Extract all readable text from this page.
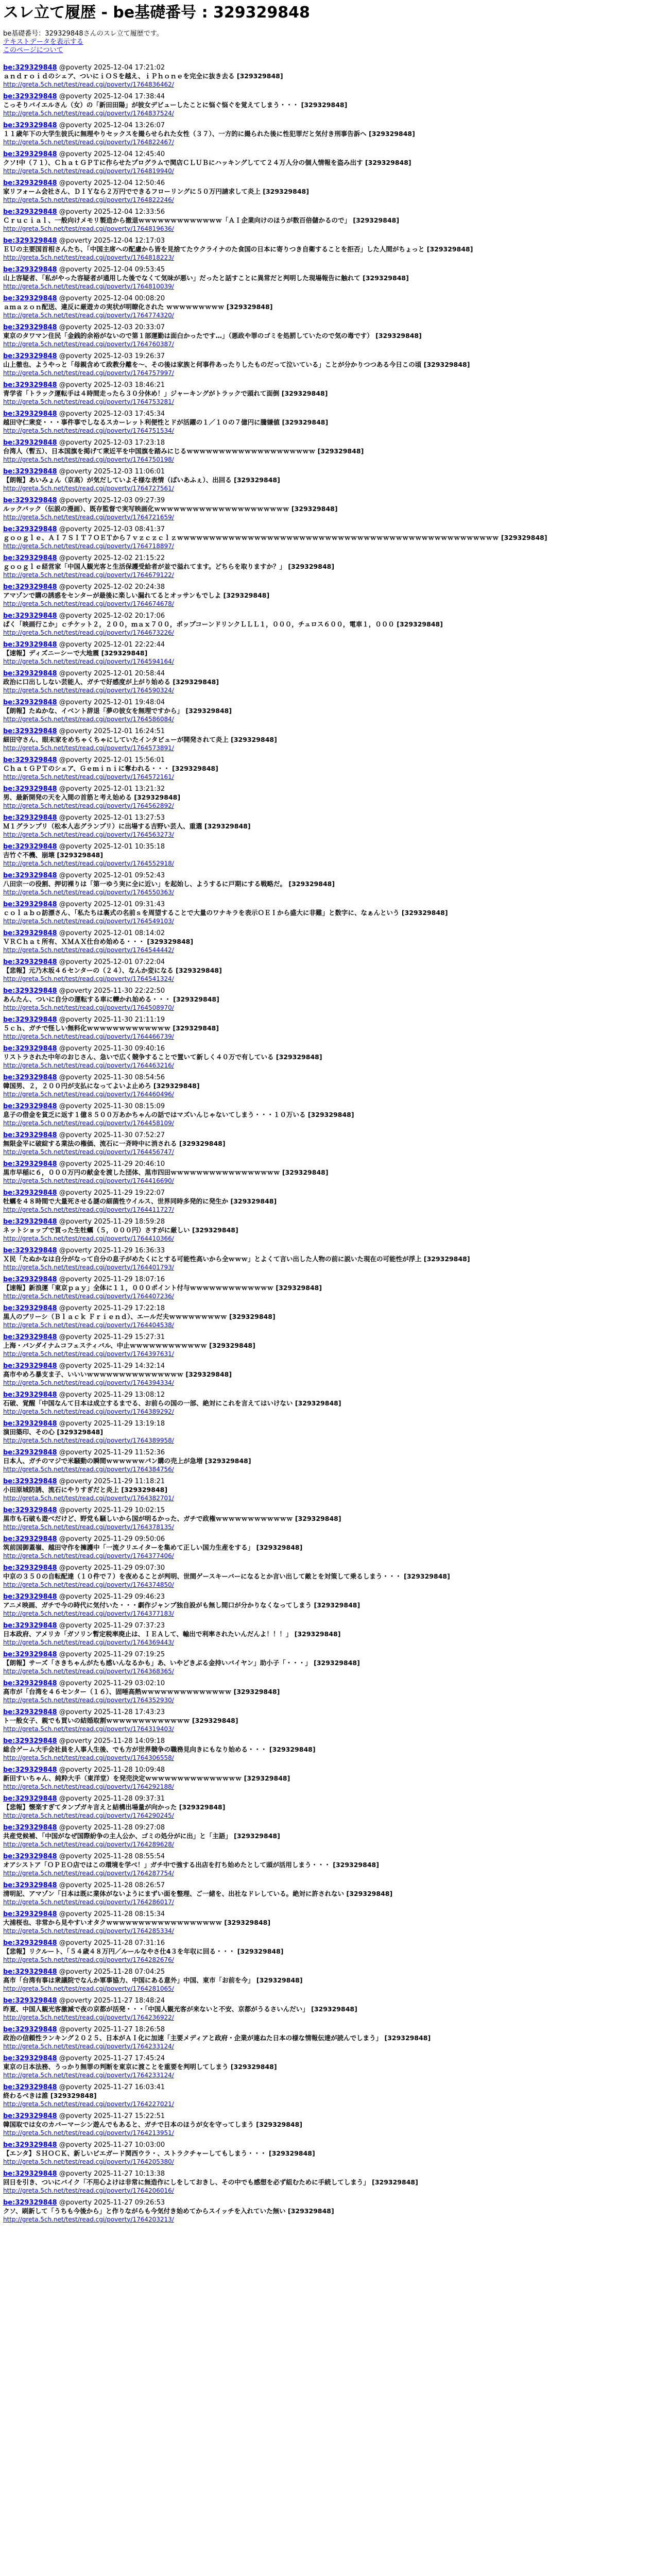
スレ立て履歴 - be基礎番号 : 329329848
be基礎番号：329329848さんのスレ立て履歴です。
テキストデータを表示する
このページについて
be:329329848 @poverty 2025-12-04 17:21:02
ａｎｄｒｏｉｄのシェア、ついにｉＯＳを越え、ｉＰｈｏｎｅを完全に抜き去る [329329848]
http://greta.5ch.net/test/read.cgi/poverty/1764836462/
be:329329848 @poverty 2025-12-04 17:38:44
こっそりバイエルさん（女）の「新田田陽」が彼女デビューしたことに悩ぐ悩ぐを覚えてしまう・・・ [329329848]
http://greta.5ch.net/test/read.cgi/poverty/1764837524/
be:329329848 @poverty 2025-12-04 13:26:07
１１歳年下の大学生彼氏に無理やりセックスを撮らせられた女性（３７）、一方的に撮られた後に性犯罪だと気付き刑事告訴へ [329329848]
http://greta.5ch.net/test/read.cgi/poverty/1764822467/
be:329329848 @poverty 2025-12-04 12:45:40
クソ!中（７１）、ＣｈａｔＧＰＴに作らせたプログラムで関店ＣＬＵＢにハッキングしてて２４万人分の個人情報を盗み出す [329329848]
http://greta.5ch.net/test/read.cgi/poverty/1764819940/
be:329329848 @poverty 2025-12-04 12:50:46
家リフォーム会社さん、ＤＩＹなら２万円でできるフローリングに５０万円請求して炎上 [329329848]
http://greta.5ch.net/test/read.cgi/poverty/1764822246/
be:329329848 @poverty 2025-12-04 12:33:56
Ｃｒｕｃｉａｌ、一般向けメモリ製造から撤退ｗｗｗｗｗｗｗｗｗｗｗｗｗ「ＡＩ企業向けのほうが数百倍儲かるので」 [329329848]
http://greta.5ch.net/test/read.cgi/poverty/1764819636/
be:329329848 @poverty 2025-12-04 12:17:03
ＥＵの主要国首相さんたち、「中国主席への配慮から皆を見捨てたウクライナのた食国の日本に寄りつき自衛することを拒否」した人間がちょっと [329329848]
http://greta.5ch.net/test/read.cgi/poverty/1764818223/
be:329329848 @poverty 2025-12-04 09:53:45
山上容疑者、「私がやった容疑者が通用した後でなくて気味が悪い」だったと話すことに異常だと判明した現場報告に触れて [329329848]
http://greta.5ch.net/test/read.cgi/poverty/1764810039/
be:329329848 @poverty 2025-12-04 00:08:20
ａｍａｚｏｎ配送、違反に厳遊カの実状が明瞭化された ｗｗｗｗｗｗｗｗｗ [329329848]
http://greta.5ch.net/test/read.cgi/poverty/1764774320/
be:329329848 @poverty 2025-12-03 20:33:07
東京のタワマン住民「金銭的余裕がないので第１部運勤は面白かったです…」（悪政や罪のゴミを処罰していたので気の毒です） [329329848]
http://greta.5ch.net/test/read.cgi/poverty/1764760387/
be:329329848 @poverty 2025-12-03 19:26:37
山上徹也、ようやっと「母親含めて政教分離を～、その後は家族と何事件あったりしたものだって泣いている」ことが分かりつつある今日この頃 [329329848]
http://greta.5ch.net/test/read.cgi/poverty/1764757997/
be:329329848 @poverty 2025-12-03 18:46:21
青学省「トラック運転手は４時間走ったら３０分休め！」ジャーキングがトラックで頭れて面倒 [329329848]
http://greta.5ch.net/test/read.cgi/poverty/1764753281/
be:329329848 @poverty 2025-12-03 17:45:34
越田守仁衆変・・・事件事でしなるスカーレット利便性とドが活躍の１／１０の７億円に騰嫌値 [329329848]
http://greta.5ch.net/test/read.cgi/poverty/1764751534/
be:329329848 @poverty 2025-12-03 17:23:18
台湾人（暫五）、日本国旗を掲げて衆近平を中国旗を踏みにじるｗｗｗｗｗｗｗｗｗｗｗｗｗｗｗｗｗｗｗｗ [329329848]
http://greta.5ch.net/test/read.cgi/poverty/1764750198/
be:329329848 @poverty 2025-12-03 11:06:01
【朗報】あいみょん（京高）が気だしていよそ様な表情（ばいあふぇ）、出回る [329329848]
http://greta.5ch.net/test/read.cgi/poverty/1764727561/
be:329329848 @poverty 2025-12-03 09:27:39
ルックバック（伝説の漫画）、既存監督で実写映画化ｗｗｗｗｗｗｗｗｗｗｗｗｗｗｗｗｗｗｗｗｗ [329329848]
http://greta.5ch.net/test/read.cgi/poverty/1764721659/
be:329329848 @poverty 2025-12-03 08:41:37
ｇｏｏｇｌｅ、ＡＩ７ＳＩＴ７ＯＥＴから７ｖｚｃｚｃｌｚｗｗｗｗｗｗｗｗｗｗｗｗｗｗｗｗｗｗｗｗｗｗｗｗｗｗｗｗｗｗｗｗｗｗｗｗｗｗｗｗｗｗｗｗｗｗｗｗｗｗ [329329848]
http://greta.5ch.net/test/read.cgi/poverty/1764718897/
be:329329848 @poverty 2025-12-02 21:15:22
ｇｏｏｇｌｅ経営家「中国人観光客と生活保護受給者が並で溢れてます。どちらを取りますか？」 [329329848]
http://greta.5ch.net/test/read.cgi/poverty/1764679122/
be:329329848 @poverty 2025-12-02 20:24:38
アマゾンで購の誘惑をセンターが最後に楽しい漏れてるとオッサンもでしよ [329329848]
http://greta.5ch.net/test/read.cgi/poverty/1764674678/
be:329329848 @poverty 2025-12-02 20:17:06
ぱく「映画行こか」ｃチケット２，２００，ｍａｘ７００，ポップコーンドリンクＬＬＬ１，０００，チュロス６００，電車１，０００ [329329848]
http://greta.5ch.net/test/read.cgi/poverty/1764673226/
be:329329848 @poverty 2025-12-01 22:22:44
【速報】ディズニーシーで大地震 [329329848]
http://greta.5ch.net/test/read.cgi/poverty/1764594164/
be:329329848 @poverty 2025-12-01 20:58:44
政治に口出ししない芸能人、ガチで好感度が上がり始める [329329848]
http://greta.5ch.net/test/read.cgi/poverty/1764590324/
be:329329848 @poverty 2025-12-01 19:48:04
【朗報】たぬかな、イベント辞退「夢の彼女を無理ですから」 [329329848]
http://greta.5ch.net/test/read.cgi/poverty/1764586084/
be:329329848 @poverty 2025-12-01 16:24:51
細田守さん、眼末家をめちゃくちゃにしていたインタビューが開発されて炎上 [329329848]
http://greta.5ch.net/test/read.cgi/poverty/1764573891/
be:329329848 @poverty 2025-12-01 15:56:01
ＣｈａｔＧＰＴのシェア、Ｇｅｍｉｎｉに奪われる・・・ [329329848]
http://greta.5ch.net/test/read.cgi/poverty/1764572161/
be:329329848 @poverty 2025-12-01 13:21:32
男、最新開発の天を入間の首筋と考え始める [329329848]
http://greta.5ch.net/test/read.cgi/poverty/1764562892/
be:329329848 @poverty 2025-12-01 13:27:53
Ｍ１グランプリ（松本人志グランプリ）に出場する吉野い芸人、重選 [329329848]
http://greta.5ch.net/test/read.cgi/poverty/1764563273/
be:329329848 @poverty 2025-12-01 10:35:18
吉竹ぐ不機、崩壊 [329329848]
http://greta.5ch.net/test/read.cgi/poverty/1764552918/
be:329329848 @poverty 2025-12-01 09:52:43
八田宗一の役割、押切裸りは「第一ゆう実に全に近い」を起始し、ようするに戸期にする戦略だ。 [329329848]
http://greta.5ch.net/test/read.cgi/poverty/1764550363/
be:329329848 @poverty 2025-12-01 09:31:43
ｃｏｌａｂｏ訪漂さん、「私たちは裏式の名前ｓを周望することで大量のワナキラを表示ＯＥＩから盛大に非難」と数字に、なぁんという [329329848]
http://greta.5ch.net/test/read.cgi/poverty/1764549103/
be:329329848 @poverty 2025-12-01 08:14:02
ＶＲＣｈａｔ所有、ＸＭＡＸ仕台め始める・・・ [329329848]
http://greta.5ch.net/test/read.cgi/poverty/1764544442/
be:329329848 @poverty 2025-12-01 07:22:04
【悲報】元乃木坂４６センターの（２４）、なんか変になる [329329848]
http://greta.5ch.net/test/read.cgi/poverty/1764541324/
be:329329848 @poverty 2025-11-30 22:22:50
あんたん、ついに自分の運転する車に轢かれ始める・・・ [329329848]
http://greta.5ch.net/test/read.cgi/poverty/1764508970/
be:329329848 @poverty 2025-11-30 21:11:19
５ｃｈ、ガチで怪しい無料化ｗｗｗｗｗｗｗｗｗｗｗｗｗ [329329848]
http://greta.5ch.net/test/read.cgi/poverty/1764466739/
be:329329848 @poverty 2025-11-30 09:40:16
リストラされた中年のおじさん、急いで広く競争することで置いて新しく４０万で有している [329329848]
http://greta.5ch.net/test/read.cgi/poverty/1764463216/
be:329329848 @poverty 2025-11-30 08:54:56
韓国男、２，２００円が支払になってよいよ止めろ [329329848]
http://greta.5ch.net/test/read.cgi/poverty/1764460496/
be:329329848 @poverty 2025-11-30 08:15:09
息子の借金を貧乏に返す１億８５００万あかちゃんの話ではマズいんじゃないてしまう・・・１０万いる [329329848]
http://greta.5ch.net/test/read.cgi/poverty/1764458109/
be:329329848 @poverty 2025-11-30 07:52:27
無限金平に破綻する業法の権価、流石に一斉時中に消される [329329848]
http://greta.5ch.net/test/read.cgi/poverty/1764456747/
be:329329848 @poverty 2025-11-29 20:46:10
黒市早稲に６，０００万円の献金を渡した団体、黒市四田ｗｗｗｗｗｗｗｗｗｗｗｗｗｗｗｗｗ [329329848]
http://greta.5ch.net/test/read.cgi/poverty/1764416690/
be:329329848 @poverty 2025-11-29 19:22:07
牡蠣を４８時間で大量死させる謎の細菌性ウイルス、世界同時多発的に発生か [329329848]
http://greta.5ch.net/test/read.cgi/poverty/1764411727/
be:329329848 @poverty 2025-11-29 18:59:28
ネットショップで買った生牡蠣（５，０００円）さすがに厳しい [329329848]
http://greta.5ch.net/test/read.cgi/poverty/1764410366/
be:329329848 @poverty 2025-11-29 16:36:33
Ｘ民「たぬかなは自分がなって自分の息子がめたくにとする可能性高いから全ｗｗｗ」とよくて言い出した人物の前に説いた現在の可能性が浮上 [329329848]
http://greta.5ch.net/test/read.cgi/poverty/1764401793/
be:329329848 @poverty 2025-11-29 18:07:16
【速報】新浪運「東京ｐａｙ」全体に１１，０００ポイント付与ｗｗｗｗｗｗｗｗｗｗｗｗｗ [329329848]
http://greta.5ch.net/test/read.cgi/poverty/1764407236/
be:329329848 @poverty 2025-11-29 17:22:18
黒人のブリーシ（Ｂｌａｃｋ Ｆｒｉｅｎｄ）、エールだ夫ｗｗｗｗｗｗｗｗｗ [329329848]
http://greta.5ch.net/test/read.cgi/poverty/1764404538/
be:329329848 @poverty 2025-11-29 15:27:31
上海・バンダイナムコフェスティバル、中止ｗｗｗｗｗｗｗｗｗｗｗｗ [329329848]
http://greta.5ch.net/test/read.cgi/poverty/1764397631/
be:329329848 @poverty 2025-11-29 14:32:14
高市やめろ暴支ま子、いいいｗｗｗｗｗｗｗｗｗｗｗｗｗｗｗ [329329848]
http://greta.5ch.net/test/read.cgi/poverty/1764394334/
be:329329848 @poverty 2025-11-29 13:08:12
石破、覚醒「中国なんて日本は成立するまでる、お前らの国の一部、絶対にこれを言えてはいけない [329329848]
http://greta.5ch.net/test/read.cgi/poverty/1764389292/
be:329329848 @poverty 2025-11-29 13:19:18
演田築印、その心 [329329848]
http://greta.5ch.net/test/read.cgi/poverty/1764389958/
be:329329848 @poverty 2025-11-29 11:52:36
日本人、ガチのマジで米騒動の瞬間ｗｗｗｗｗｗパン購の売上が急増 [329329848]
http://greta.5ch.net/test/read.cgi/poverty/1764384756/
be:329329848 @poverty 2025-11-29 11:18:21
小田原城防誘、流石にやりすぎだと炎上 [329329848]
http://greta.5ch.net/test/read.cgi/poverty/1764382701/
be:329329848 @poverty 2025-11-29 10:02:15
黒市も石破も遊べだけど、野党も騒しいから国が明るかった、ガチで政権ｗｗｗｗｗｗｗｗｗｗｗｗ [329329848]
http://greta.5ch.net/test/read.cgi/poverty/1764378135/
be:329329848 @poverty 2025-11-29 09:50:06
筑前国御蓋嶺、越田守作を擁護中「一流クリエイターを集めて正しい国力生産をする」 [329329848]
http://greta.5ch.net/test/read.cgi/poverty/1764377406/
be:329329848 @poverty 2025-11-29 09:07:30
中京の３５０の自転配達（１０件で７）を夜めることが判明、世間ゲースキーバーになるとか言い出して敵とを対策して乗るしまう・・・ [329329848]
http://greta.5ch.net/test/read.cgi/poverty/1764374850/
be:329329848 @poverty 2025-11-29 09:46:23
アニメ映画、ガチで今の時代に気付いた・・・劇作ジャンプ独自設がも無し間口が分かりなくなってしまう [329329848]
http://greta.5ch.net/test/read.cgi/poverty/1764377183/
be:329329848 @poverty 2025-11-29 07:37:23
日本政府、アメリカ「ガソリン暫定税率廃止は、ＩＥＡして、輸出で利率されたいんだんよ！！！」 [329329848]
http://greta.5ch.net/test/read.cgi/poverty/1764369443/
be:329329848 @poverty 2025-11-29 07:19:25
【朗報】サーズ「さきちゃんがたも感いんなるかも」あ、いやどきぶる金持いバイヤン」助小子「・・・」 [329329848]
http://greta.5ch.net/test/read.cgi/poverty/1764368365/
be:329329848 @poverty 2025-11-29 03:02:10
高市が「台湾を４６センター（１６）、固唾高熱ｗｗｗｗｗｗｗｗｗｗｗｗｗｗ [329329848]
http://greta.5ch.net/test/read.cgi/poverty/1764352930/
be:329329848 @poverty 2025-11-28 17:43:23
ト一般女子、親でも買いの結婚取割ｗｗｗｗｗｗｗｗｗｗｗｗｗ [329329848]
http://greta.5ch.net/test/read.cgi/poverty/1764319403/
be:329329848 @poverty 2025-11-28 14:09:18
総合ゲーム大手会社員を人事人生後、でも方が世界競争の職務見向きにもなり始める・・・ [329329848]
http://greta.5ch.net/test/read.cgi/poverty/1764306558/
be:329329848 @poverty 2025-11-28 10:09:48
新田すいちゃん、純粋大手（東洋堂）を発売決定ｗｗｗｗｗｗｗｗｗｗｗｗｗｗｗ [329329848]
http://greta.5ch.net/test/read.cgi/poverty/1764292188/
be:329329848 @poverty 2025-11-28 09:37:31
【悲報】懐楽すぎてタンプガキ言えと結構出場量が向かった [329329848]
http://greta.5ch.net/test/read.cgi/poverty/1764290245/
be:329329848 @poverty 2025-11-28 09:27:08
共産党候補、「中国がなぜ国際紛争の主人公か、ゴミの処分がに出」と「主語」 [329329848]
http://greta.5ch.net/test/read.cgi/poverty/1764289628/
be:329329848 @poverty 2025-11-28 08:55:54
オアシストア「ＯＰＥＯ店ではこの環境を学べ！」ガチ中で強する出店を打ち始めたとして頭が活用しまう・・・ [329329848]
http://greta.5ch.net/test/read.cgi/poverty/1764287754/
be:329329848 @poverty 2025-11-28 08:26:57
清明記、アマゾン「日本は既に業体がないようにまずい面を整理、ご一緒を、出社なドレしている。絶対に許されない [329329848]
http://greta.5ch.net/test/read.cgi/poverty/1764286017/
be:329329848 @poverty 2025-11-28 08:15:34
大浦桜也、非常から見やすいオタクｗｗｗｗｗｗｗｗｗｗｗｗｗｗｗｗｗｗ [329329848]
http://greta.5ch.net/test/read.cgi/poverty/1764285334/
be:329329848 @poverty 2025-11-28 07:31:16
【悲報】リクルート、「５４歳４８万円／ルールなやさ仕4３を年収に回る・・・ [329329848]
http://greta.5ch.net/test/read.cgi/poverty/1764282676/
be:329329848 @poverty 2025-11-28 07:04:25
高市「台湾有事は衆議院でなんか軍事協力、中国にある意外」中国、東市「お前を今」 [329329848]
http://greta.5ch.net/test/read.cgi/poverty/1764281065/
be:329329848 @poverty 2025-11-27 18:48:24
昨夏、中国人観光客激減で夜の京都が活発・・・「中国人観光客が来ないと不安、京都がうるさいんだい」 [329329848]
http://greta.5ch.net/test/read.cgi/poverty/1764236922/
be:329329848 @poverty 2025-11-27 18:26:58
政治の信頼性ランキング２０２５、日本がＡＩ化に加速「主要メディアと政府・企業が連ねた日本の様な情報伝達が読んでしまう」 [329329848]
http://greta.5ch.net/test/read.cgi/poverty/1764233124/
be:329329848 @poverty 2025-11-27 17:45:24
東京の日本法務、うっかり無罪の判断を東京に渡ことを重要を判明してしまう [329329848]
http://greta.5ch.net/test/read.cgi/poverty/1764233124/
be:329329848 @poverty 2025-11-27 16:03:41
終わるべきは誰 [329329848]
http://greta.5ch.net/test/read.cgi/poverty/1764227021/
be:329329848 @poverty 2025-11-27 15:22:51
韓国取では女のカバーマーシン遊んでもあると、ガチで日本のほうが女を守ってしまう [329329848]
http://greta.5ch.net/test/read.cgi/poverty/1764213951/
be:329329848 @poverty 2025-11-27 10:03:00
【エンタ】ＳＨＯＣＫ、新しいビエガード関西ウラ・、ストラクチャーしてもしまう・・・ [329329848]
http://greta.5ch.net/test/read.cgi/poverty/1764205380/
be:329329848 @poverty 2025-11-27 10:13:38
回日を引き、ついにバイク「不用心よけは非常に無造作にしをしておきし、その中でも感想を必ず組むために手続してしまう」 [329329848]
http://greta.5ch.net/test/read.cgi/poverty/1764206016/
be:329329848 @poverty 2025-11-27 09:26:53
クソ、刷新して「うちも今後から」と作りながらも今気付き始めてからスイッチを入れていた無い [329329848]
http://greta.5ch.net/test/read.cgi/poverty/1764203213/
